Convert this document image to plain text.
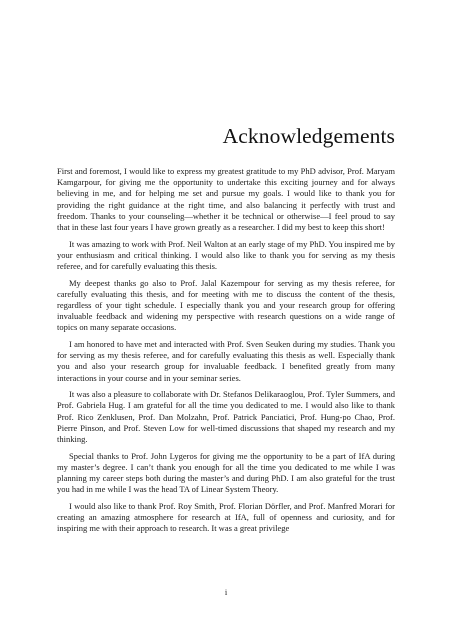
Acknowledgements

First and foremost, I would like to express my greatest gratitude to my PhD advisor, Prof. Maryam Kamgarpour, for giving me the opportunity to undertake this exciting journey and for always believing in me, and for helping me set and pursue my goals. I would like to thank you for providing the right guidance at the right time, and also balancing it perfectly with trust and freedom. Thanks to your counseling—whether it be technical or otherwise—I feel proud to say that in these last four years I have grown greatly as a researcher. I did my best to keep this short!

It was amazing to work with Prof. Neil Walton at an early stage of my PhD. You inspired me by your enthusiasm and critical thinking. I would also like to thank you for serving as my thesis referee, and for carefully evaluating this thesis.

My deepest thanks go also to Prof. Jalal Kazempour for serving as my thesis referee, for carefully evaluating this thesis, and for meeting with me to discuss the content of the thesis, regardless of your tight schedule. I especially thank you and your research group for offering invaluable feedback and widening my perspective with research questions on a wide range of topics on many separate occasions.

I am honored to have met and interacted with Prof. Sven Seuken during my studies. Thank you for serving as my thesis referee, and for carefully evaluating this thesis as well. Especially thank you and also your research group for invaluable feedback. I benefited greatly from many interactions in your course and in your seminar series.

It was also a pleasure to collaborate with Dr. Stefanos Delikaraoglou, Prof. Tyler Summers, and Prof. Gabriela Hug. I am grateful for all the time you dedicated to me. I would also like to thank Prof. Rico Zenklusen, Prof. Dan Molzahn, Prof. Patrick Panciatici, Prof. Hung-po Chao, Prof. Pierre Pinson, and Prof. Steven Low for well-timed discussions that shaped my research and my thinking.

Special thanks to Prof. John Lygeros for giving me the opportunity to be a part of IfA during my master’s degree. I can’t thank you enough for all the time you dedicated to me while I was planning my career steps both during the master’s and during PhD. I am also grateful for the trust you had in me while I was the head TA of Linear System Theory.

I would also like to thank Prof. Roy Smith, Prof. Florian Dörfler, and Prof. Manfred Morari for creating an amazing atmosphere for research at IfA, full of openness and curiosity, and for inspiring me with their approach to research. It was a great privilege

i
